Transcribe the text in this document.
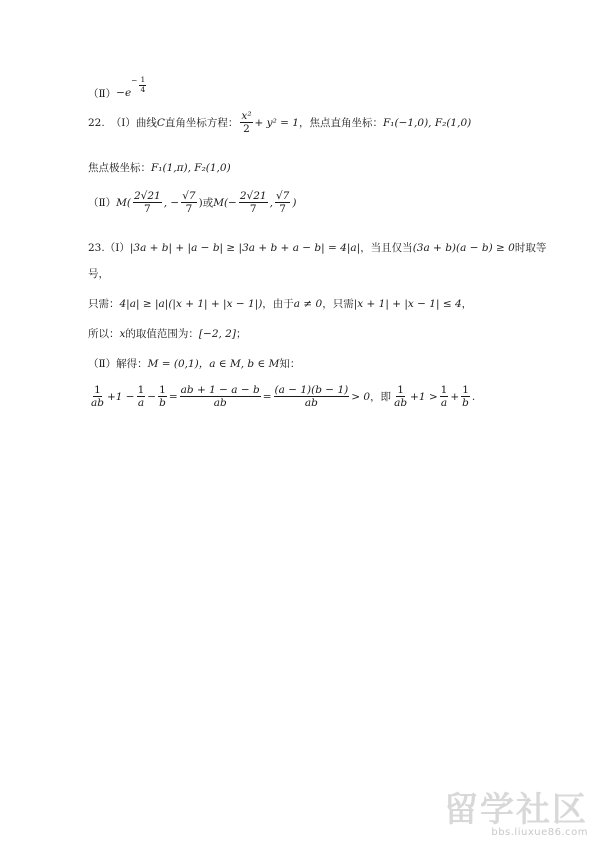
（Ⅱ） −e
− $\frac{1}{4}$
22. （Ⅰ） 曲线 C 直角坐标方程： $\frac{\text{x²}}{2} + y^2 = 1$ ，焦点直角坐标： F₁(−1,0), F₂(1,0)
焦点极坐标： F₁(1,π), F₂(1,0)
（Ⅱ） $M( \frac{2√21}{7}$ , − $\frac{√7}{7}$ )或 $M(- \frac{2√21}{7}$ , $\frac{√7}{7}$ )
23. （Ⅰ） |3a + b| + |a − b| ≥ |3a + b + a − b| = 4|a| ，当且仅当 (3a + b)(a − b) ≥ 0 时取等
号，
只需： 4|a| ≥ |a|(|x + 1| + |x − 1|) ，由于 a ≠ 0 ，只需 |x + 1| + |x − 1| ≤ 4 ，
所以： x 的取值范围为： [−2, 2] ；
（Ⅱ）解得： M = (0,1) ，a ∈ M, b ∈ M 知：
$\frac{1}{ab} +1 - \frac{1}{a} - \frac{1}{b} = \frac{ab + 1 - a - b}{ab} = \frac{(a - 1)(b - 1)}{ab} > 0$ ，即 $\frac{1}{ab} +1 > \frac{1}{a} + \frac{1}{b}$ .
留学社区
bbs.liuxue86.com
